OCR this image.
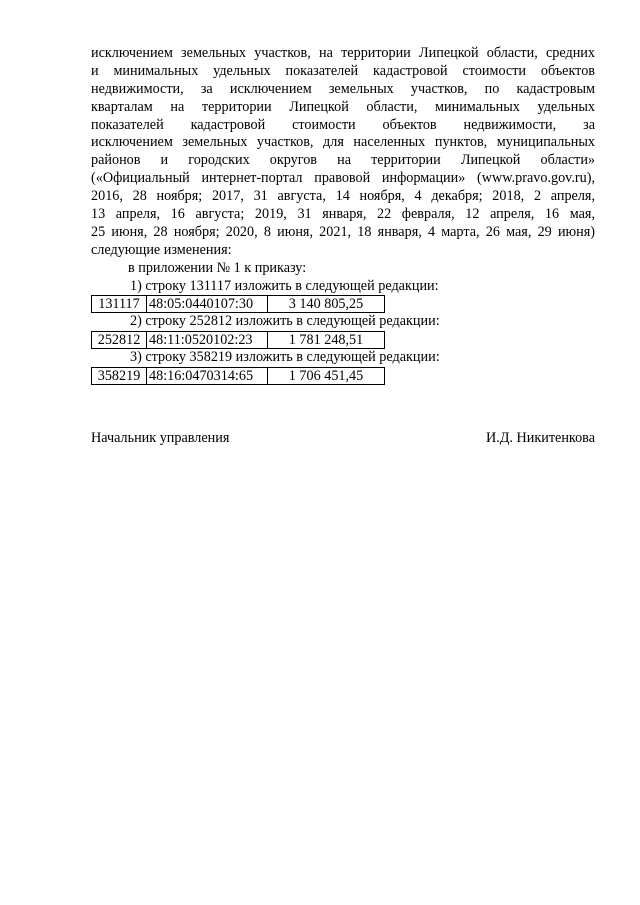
исключением земельных участков, на территории Липецкой области, средних
и минимальных удельных показателей кадастровой стоимости объектов
недвижимости, за исключением земельных участков, по кадастровым
кварталам на территории Липецкой области, минимальных удельных
показателей кадастровой стоимости объектов недвижимости, за
исключением земельных участков, для населенных пунктов, муниципальных
районов и городских округов на территории Липецкой области»
(«Официальный интернет-портал правовой информации» (www.pravo.gov.ru),
2016, 28 ноября; 2017, 31 августа, 14 ноября, 4 декабря; 2018, 2 апреля,
13 апреля, 16 августа; 2019, 31 января, 22 февраля, 12 апреля, 16 мая,
25 июня, 28 ноября; 2020, 8 июня, 2021, 18 января, 4 марта, 26 мая, 29 июня)
следующие изменения:
в приложении № 1 к приказу:
1) строку 131117 изложить в следующей редакции:
131117	48:05:0440107:30	3 140 805,25
2) строку 252812 изложить в следующей редакции:
252812	48:11:0520102:23	1 781 248,51
3) строку 358219 изложить в следующей редакции:
358219	48:16:0470314:65	1 706 451,45
Начальник управления	И.Д. Никитенкова
